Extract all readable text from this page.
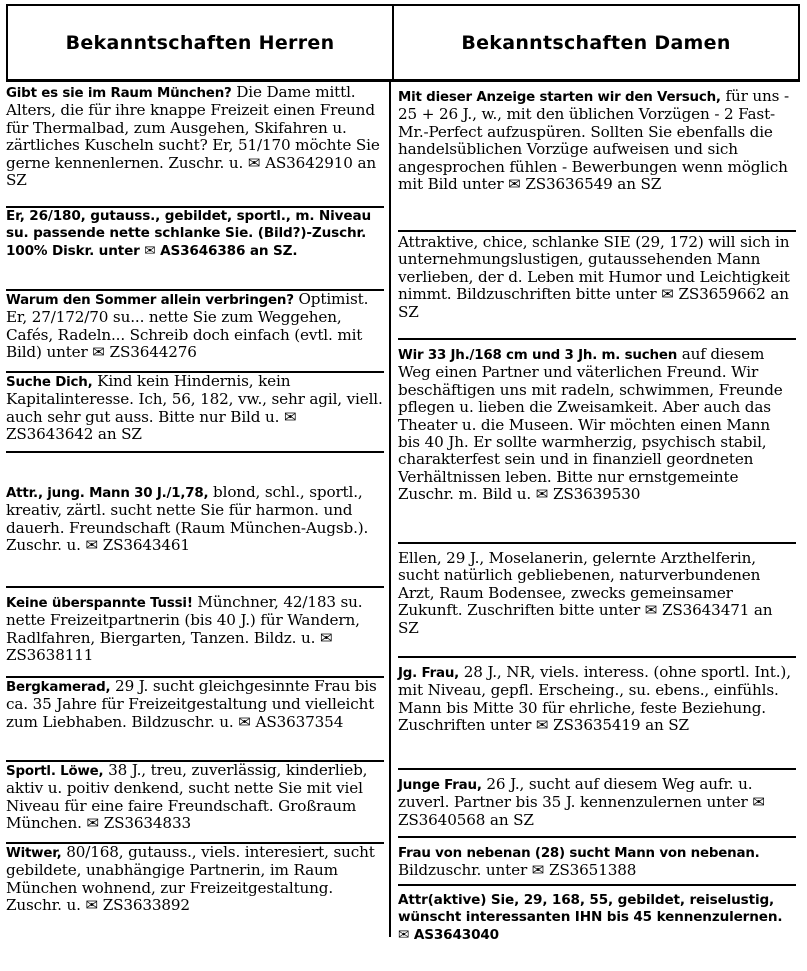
Bekanntschaften Herren	Bekanntschaften Damen
Gibt es sie im Raum München? Die Dame mittl. Alters, die für ihre knappe Freizeit einen Freund für Thermalbad, zum Ausgehen, Skifahren u. zärtliches Kuscheln sucht? Er, 51/170 möchte Sie gerne kennenlernen. Zuschr. u. ✉ AS3642910 an SZ
Er, 26/180, gutauss., gebildet, sportl., m. Niveau su. passende nette schlanke Sie. (Bild?)-Zuschr. 100% Diskr. unter ✉ AS3646386 an SZ.
Warum den Sommer allein verbringen? Optimist. Er, 27/172/70 su... nette Sie zum Weggehen, Cafés, Radeln... Schreib doch einfach (evtl. mit Bild) unter ✉ ZS3644276
Suche Dich, Kind kein Hindernis, kein Kapitalinteresse. Ich, 56, 182, vw., sehr agil, viell. auch sehr gut auss. Bitte nur Bild u. ✉ ZS3643642 an SZ
Attr., jung. Mann 30 J./1,78, blond, schl., sportl., kreativ, zärtl. sucht nette Sie für harmon. und dauerh. Freundschaft (Raum München-Augsb.). Zuschr. u. ✉ ZS3643461
Keine überspannte Tussi! Münchner, 42/183 su. nette Freizeitpartnerin (bis 40 J.) für Wandern, Radlfahren, Biergarten, Tanzen. Bildz. u. ✉ ZS3638111
Bergkamerad, 29 J. sucht gleichgesinnte Frau bis ca. 35 Jahre für Freizeitgestaltung und vielleicht zum Liebhaben. Bildzuschr. u. ✉ AS3637354
Sportl. Löwe, 38 J., treu, zuverlässig, kinderlieb, aktiv u. poitiv denkend, sucht nette Sie mit viel Niveau für eine faire Freundschaft. Großraum München. ✉ ZS3634833
Witwer, 80/168, gutauss., viels. interesiert, sucht gebildete, unabhängige Partnerin, im Raum München wohnend, zur Freizeitgestaltung. Zuschr. u. ✉ ZS3633892
Mit dieser Anzeige starten wir den Versuch, für uns - 25 + 26 J., w., mit den üblichen Vorzügen - 2 Fast-Mr.-Perfect aufzuspüren. Sollten Sie ebenfalls die handelsüblichen Vorzüge aufweisen und sich angesprochen fühlen - Bewerbungen wenn möglich mit Bild unter ✉ ZS3636549 an SZ
Attraktive, chice, schlanke SIE (29, 172) will sich in unternehmungslustigen, gutaussehenden Mann verlieben, der d. Leben mit Humor und Leichtigkeit nimmt. Bildzuschriften bitte unter ✉ ZS3659662 an SZ
Wir 33 Jh./168 cm und 3 Jh. m. suchen auf diesem Weg einen Partner und väterlichen Freund. Wir beschäftigen uns mit radeln, schwimmen, Freunde pflegen u. lieben die Zweisamkeit. Aber auch das Theater u. die Museen. Wir möchten einen Mann bis 40 Jh. Er sollte warmherzig, psychisch stabil, charakterfest sein und in finanziell geordneten Verhältnissen leben. Bitte nur ernstgemeinte Zuschr. m. Bild u. ✉ ZS3639530
Ellen, 29 J., Moselanerin, gelernte Arzthelferin, sucht natürlich gebliebenen, naturverbundenen Arzt, Raum Bodensee, zwecks gemeinsamer Zukunft. Zuschriften bitte unter ✉ ZS3643471 an SZ
Jg. Frau, 28 J., NR, viels. interess. (ohne sportl. Int.), mit Niveau, gepfl. Erscheing., su. ebens., einfühls. Mann bis Mitte 30 für ehrliche, feste Beziehung. Zuschriften unter ✉ ZS3635419 an SZ
Junge Frau, 26 J., sucht auf diesem Weg aufr. u. zuverl. Partner bis 35 J. kennenzulernen unter ✉ ZS3640568 an SZ
Frau von nebenan (28) sucht Mann von nebenan. Bildzuschr. unter ✉ ZS3651388
Attr(aktive) Sie, 29, 168, 55, gebildet, reiselustig, wünscht interessanten IHN bis 45 kennenzulernen. ✉ AS3643040
